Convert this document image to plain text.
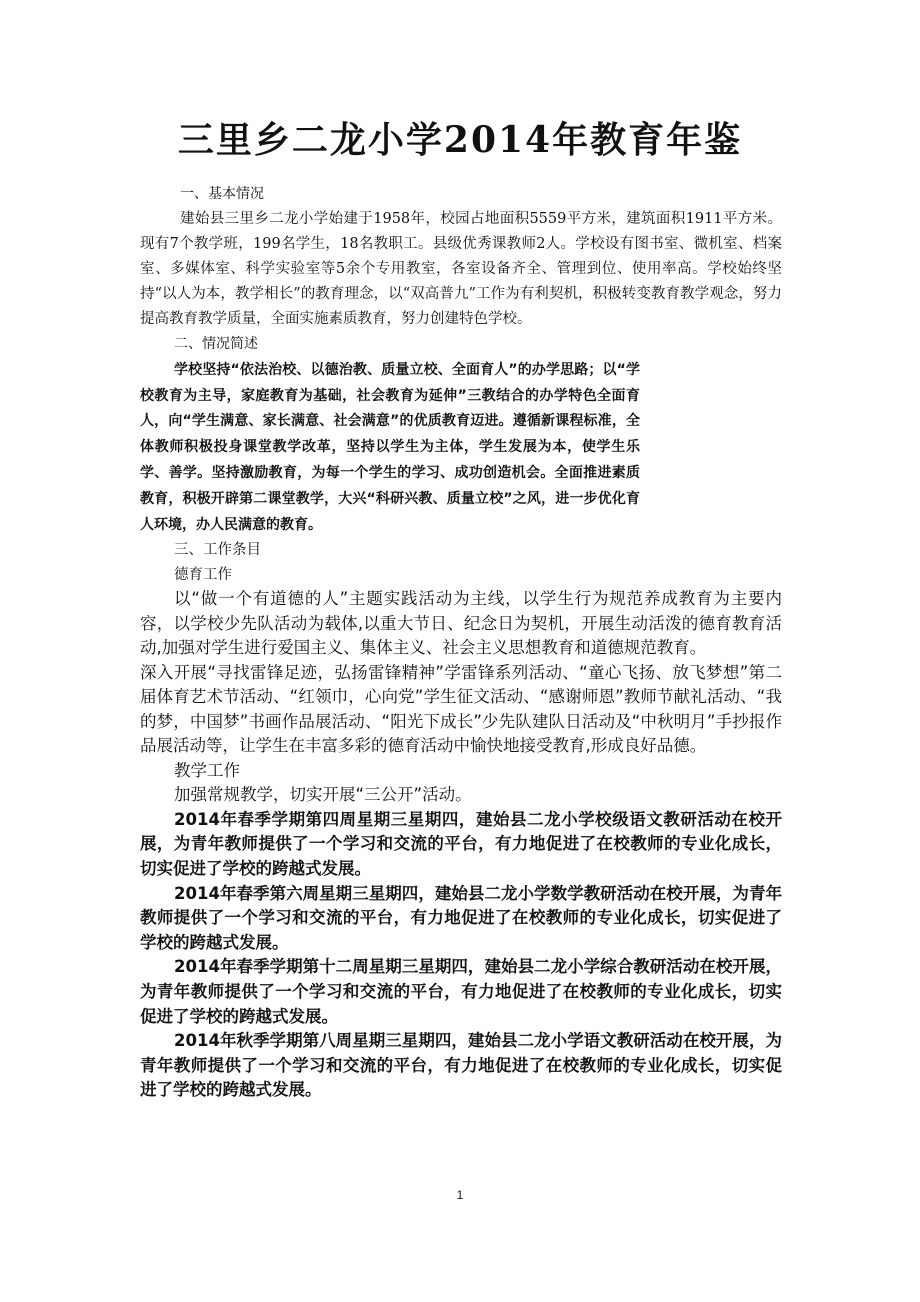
三里乡二龙小学2014年教育年鉴
一、基本情况

建始县三里乡二龙小学始建于1958年，校园占地面积5559平方米，建筑面积1911平方米。现有7个教学班，199名学生，18名教职工。县级优秀课教师2人。学校设有图书室、微机室、档案室、多媒体室、科学实验室等5余个专用教室，各室设备齐全、管理到位、使用率高。学校始终坚持“以人为本，教学相长”的教育理念，以“双高普九”工作为有利契机，积极转变教育教学观念，努力提高教育教学质量，全面实施素质教育，努力创建特色学校。

二、情况简述

学校坚持“依法治校、以德治教、质量立校、全面育人”的办学思路；以“学校教育为主导，家庭教育为基础，社会教育为延伸”三教结合的办学特色全面育人，向“学生满意、家长满意、社会满意”的优质教育迈进。遵循新课程标准，全体教师积极投身课堂教学改革，坚持以学生为主体，学生发展为本，使学生乐学、善学。坚持激励教育，为每一个学生的学习、成功创造机会。全面推进素质教育，积极开辟第二课堂教学，大兴“科研兴教、质量立校”之风，进一步优化育人环境，办人民满意的教育。

三、工作条目
德育工作

以“做一个有道德的人”主题实践活动为主线，以学生行为规范养成教育为主要内容，以学校少先队活动为载体,以重大节日、纪念日为契机，开展生动活泼的德育教育活动,加强对学生进行爱国主义、集体主义、社会主义思想教育和道德规范教育。

深入开展“寻找雷锋足迹，弘扬雷锋精神”学雷锋系列活动、“童心飞扬、放飞梦想”第二届体育艺术节活动、“红领巾，心向党”学生征文活动、“感谢师恩”教师节献礼活动、“我的梦，中国梦”书画作品展活动、“阳光下成长”少先队建队日活动及“中秋明月”手抄报作品展活动等，让学生在丰富多彩的德育活动中愉快地接受教育,形成良好品德。

教学工作

加强常规教学，切实开展“三公开”活动。

2014年春季学期第四周星期三星期四，建始县二龙小学校级语文教研活动在校开展，为青年教师提供了一个学习和交流的平台，有力地促进了在校教师的专业化成长，切实促进了学校的跨越式发展。

2014年春季第六周星期三星期四，建始县二龙小学数学教研活动在校开展，为青年教师提供了一个学习和交流的平台，有力地促进了在校教师的专业化成长，切实促进了学校的跨越式发展。

2014年春季学期第十二周星期三星期四，建始县二龙小学综合教研活动在校开展，为青年教师提供了一个学习和交流的平台，有力地促进了在校教师的专业化成长，切实促进了学校的跨越式发展。

2014年秋季学期第八周星期三星期四，建始县二龙小学语文教研活动在校开展，为青年教师提供了一个学习和交流的平台，有力地促进了在校教师的专业化成长，切实促进了学校的跨越式发展。

1
